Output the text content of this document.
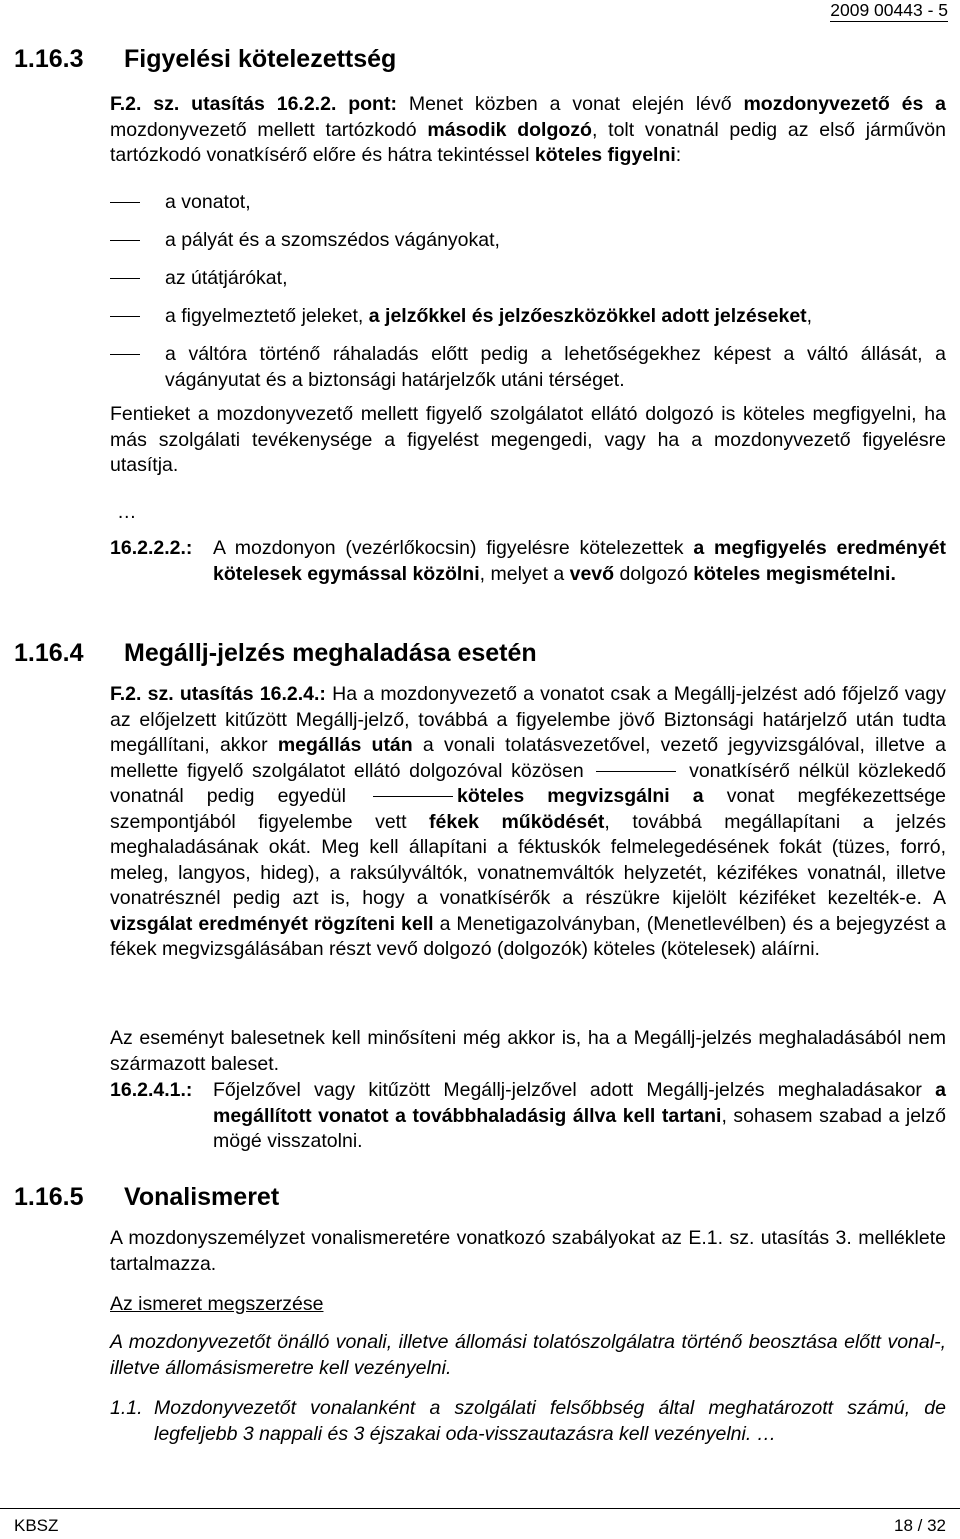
2009 00443 - 5
1.16.3 Figyelési kötelezettség
F.2. sz. utasítás 16.2.2. pont: Menet közben a vonat elején lévő mozdonyvezető és a mozdonyvezető mellett tartózkodó második dolgozó, tolt vonatnál pedig az első járművön tartózkodó vonatkísérő előre és hátra tekintéssel köteles figyelni:
a vonatot,
a pályát és a szomszédos vágányokat,
az útátjárókat,
a figyelmeztető jeleket, a jelzőkkel és jelzőeszközökkel adott jelzéseket,
a váltóra történő ráhaladás előtt pedig a lehetőségekhez képest a váltó állását, a vágányutat és a biztonsági határjelzők utáni térséget.
Fentieket a mozdonyvezető mellett figyelő szolgálatot ellátó dolgozó is köteles megfigyelni, ha más szolgálati tevékenysége a figyelést megengedi, vagy ha a mozdonyvezető figyelésre utasítja.
…
16.2.2.2.: A mozdonyon (vezérlőkocsin) figyelésre kötelezettek a megfigyelés eredményét kötelesek egymással közölni, melyet a vevő dolgozó köteles megismételni.
1.16.4 Megállj-jelzés meghaladása esetén
F.2. sz. utasítás 16.2.4.: Ha a mozdonyvezető a vonatot csak a Megállj-jelzést adó főjelző vagy az előjelzett kitűzött Megállj-jelző, továbbá a figyelembe jövő Biztonsági határjelző után tudta megállítani, akkor megállás után a vonali tolatásvezetővel, vezető jegyvizsgálóval, illetve a mellette figyelő szolgálatot ellátó dolgozóval közösen	vonatkísérő nélkül közlekedő vonatnál pedig egyedül	köteles megvizsgálni a vonat megfékezettsége szempontjából figyelembe vett fékek működését, továbbá megállapítani a jelzés meghaladásának okát. Meg kell állapítani a féktuskók felmelegedésének fokát (tüzes, forró, meleg, langyos, hideg), a raksúlyváltók, vonatnemváltók helyzetét, kézifékes vonatnál, illetve vonatrésznél pedig azt is, hogy a vonatkísérők a részükre kijelölt kéziféket kezelték-e. A vizsgálat eredményét rögzíteni kell a Menetigazolványban, (Menetlevélben) és a bejegyzést a fékek megvizsgálásában részt vevő dolgozó (dolgozók) köteles (kötelesek) aláírni.
Az eseményt balesetnek kell minősíteni még akkor is, ha a Megállj-jelzés meghaladásából nem származott baleset.
16.2.4.1.: Főjelzővel vagy kitűzött Megállj-jelzővel adott Megállj-jelzés meghaladásakor a megállított vonatot a továbbhaladásig állva kell tartani, sohasem szabad a jelző mögé visszatolni.
1.16.5 Vonalismeret
A mozdonyszemélyzet vonalismeretére vonatkozó szabályokat az E.1. sz. utasítás 3. melléklete tartalmazza.
Az ismeret megszerzése
A mozdonyvezetőt önálló vonali, illetve állomási tolatószolgálatra történő beosztása előtt vonal-, illetve állomásismeretre kell vezényelni.
1.1. Mozdonyvezetőt vonalanként a szolgálati felsőbbség által meghatározott számú, de legfeljebb 3 nappali és 3 éjszakai oda-visszautazásra kell vezényelni. …
KBSZ	18 / 32
